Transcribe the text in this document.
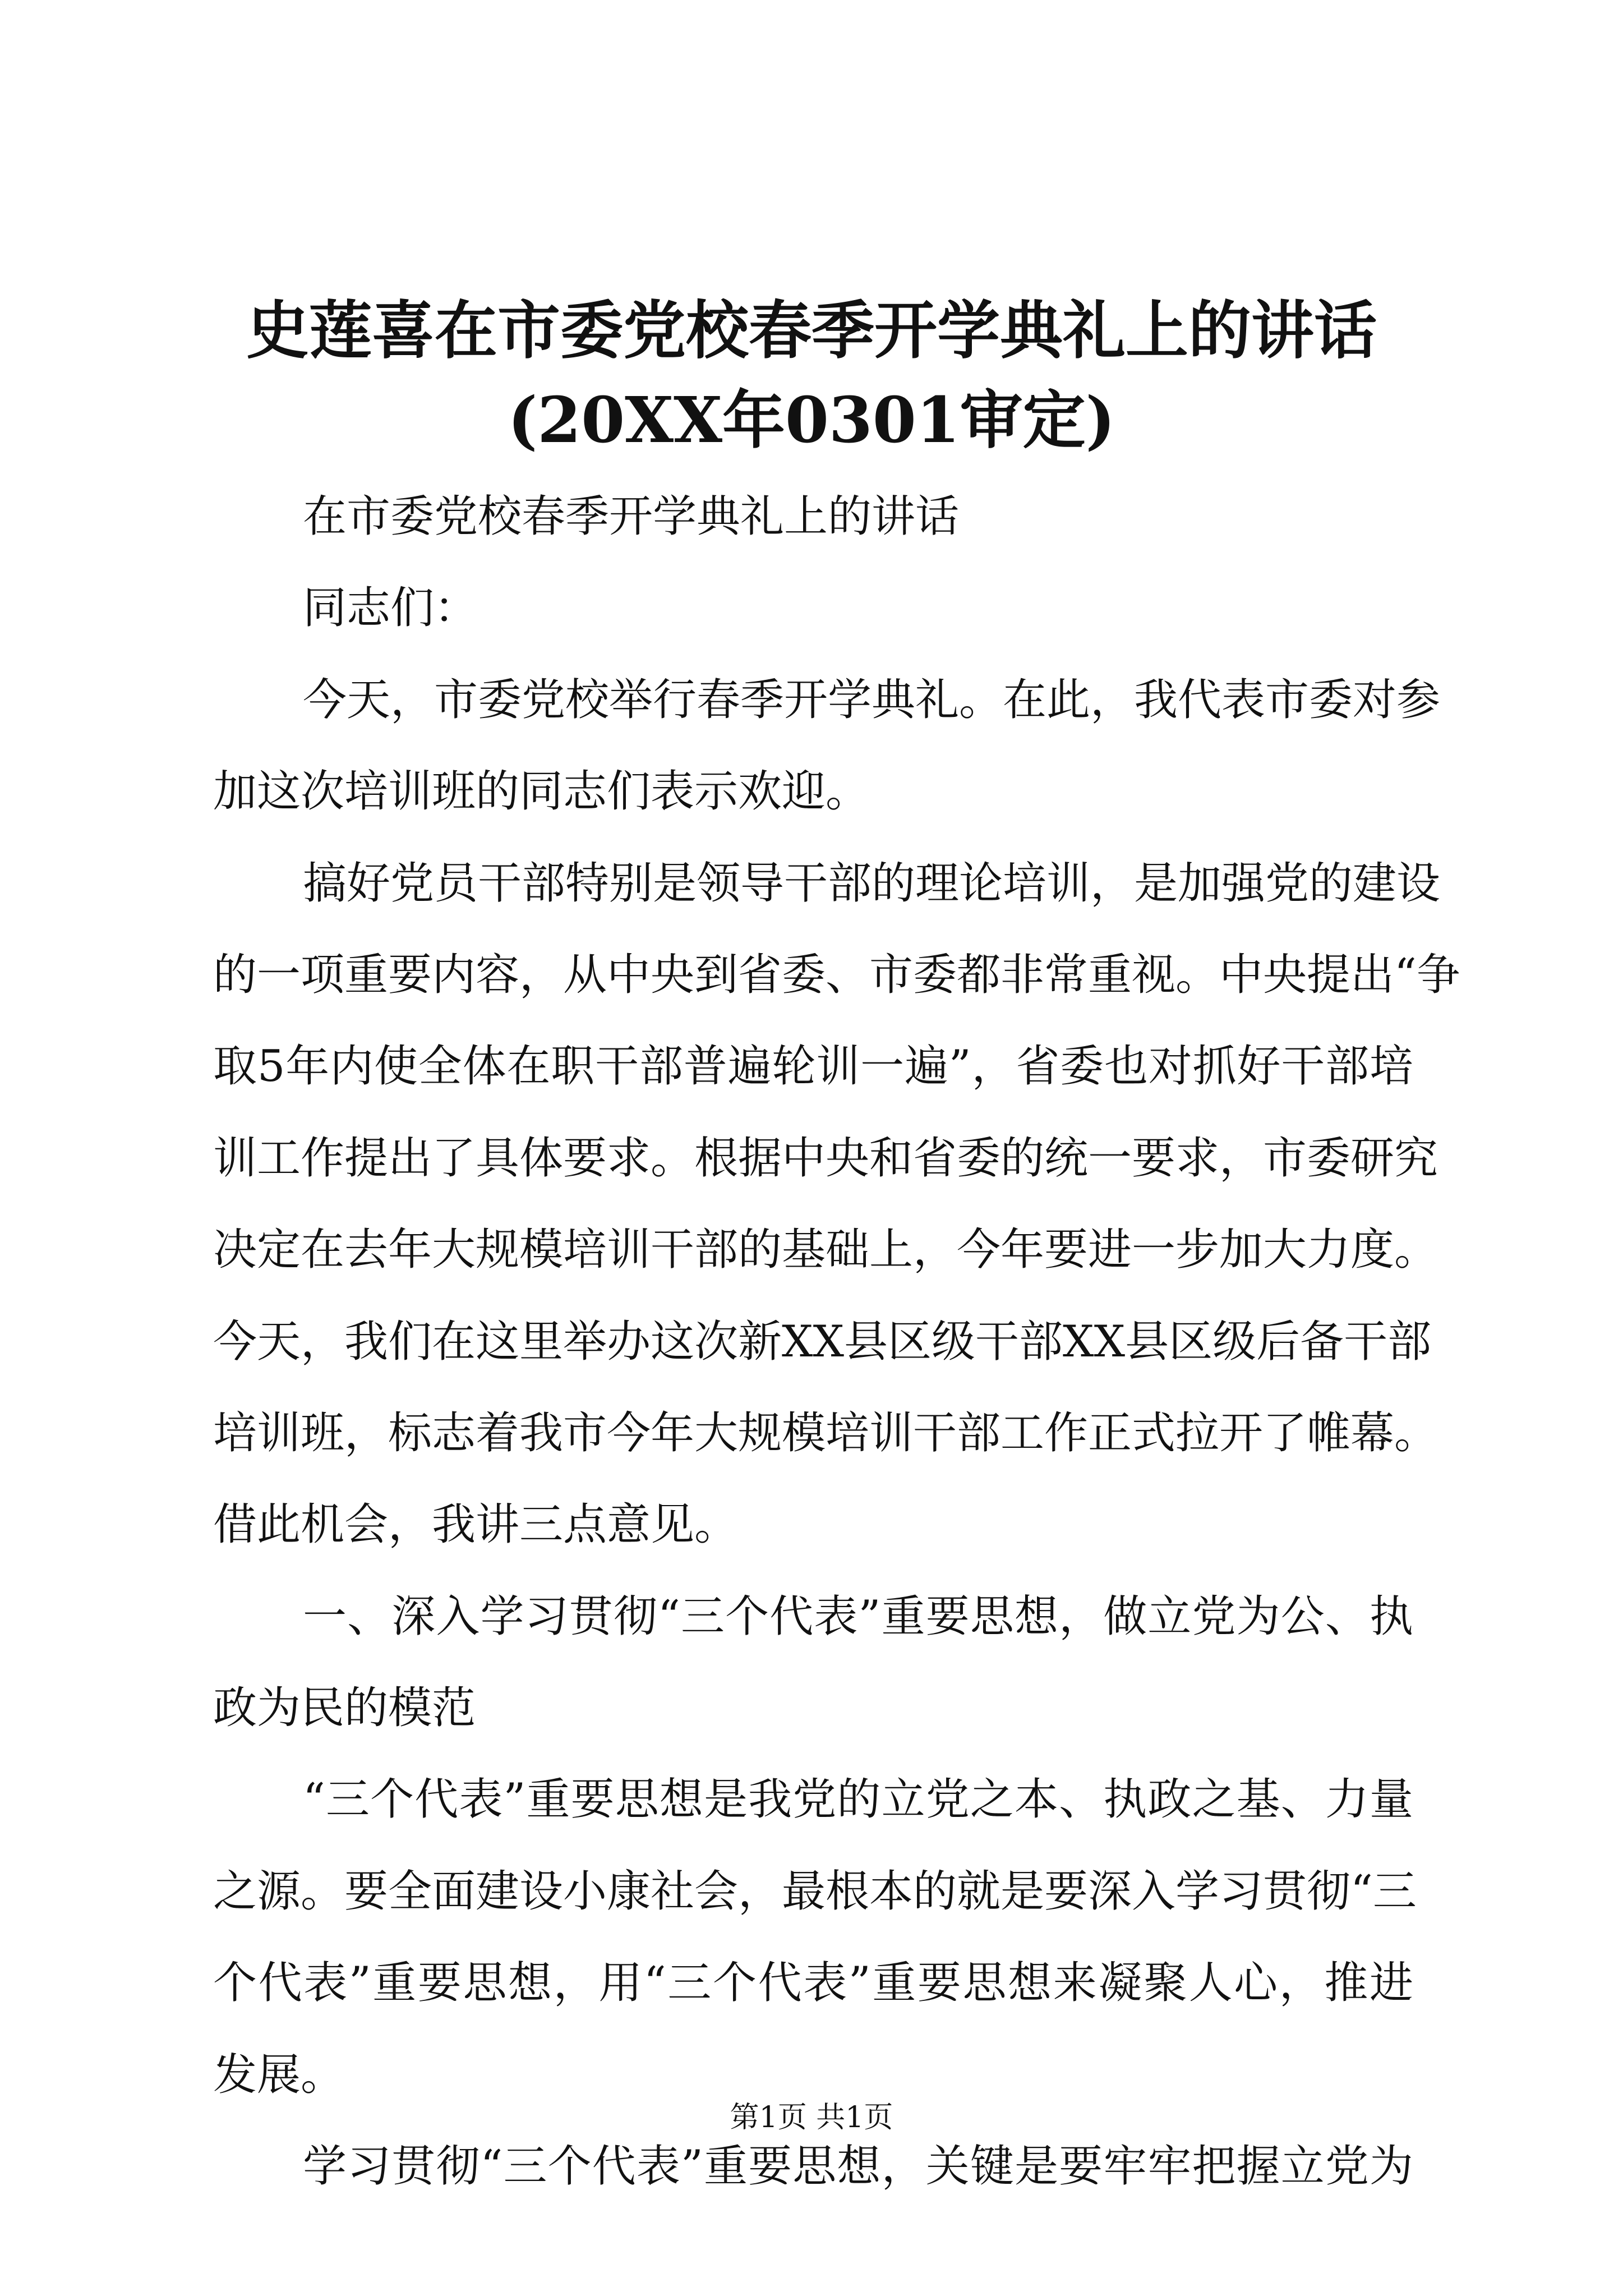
史莲喜在市委党校春季开学典礼上的讲话
(20XX年0301审定)
在市委党校春季开学典礼上的讲话
同志们：
今天，市委党校举行春季开学典礼。在此，我代表市委对参
加这次培训班的同志们表示欢迎。
搞好党员干部特别是领导干部的理论培训，是加强党的建设
的一项重要内容，从中央到省委、市委都非常重视。中央提出“争
取5年内使全体在职干部普遍轮训一遍”，省委也对抓好干部培
训工作提出了具体要求。根据中央和省委的统一要求，市委研究
决定在去年大规模培训干部的基础上，今年要进一步加大力度。
今天，我们在这里举办这次新XX县区级干部XX县区级后备干部
培训班，标志着我市今年大规模培训干部工作正式拉开了帷幕。
借此机会，我讲三点意见。
一、深入学习贯彻“三个代表”重要思想，做立党为公、执
政为民的模范
“三个代表”重要思想是我党的立党之本、执政之基、力量
之源。要全面建设小康社会，最根本的就是要深入学习贯彻“三
个代表”重要思想，用“三个代表”重要思想来凝聚人心，推进
发展。
学习贯彻“三个代表”重要思想，关键是要牢牢把握立党为
第1页 共1页
